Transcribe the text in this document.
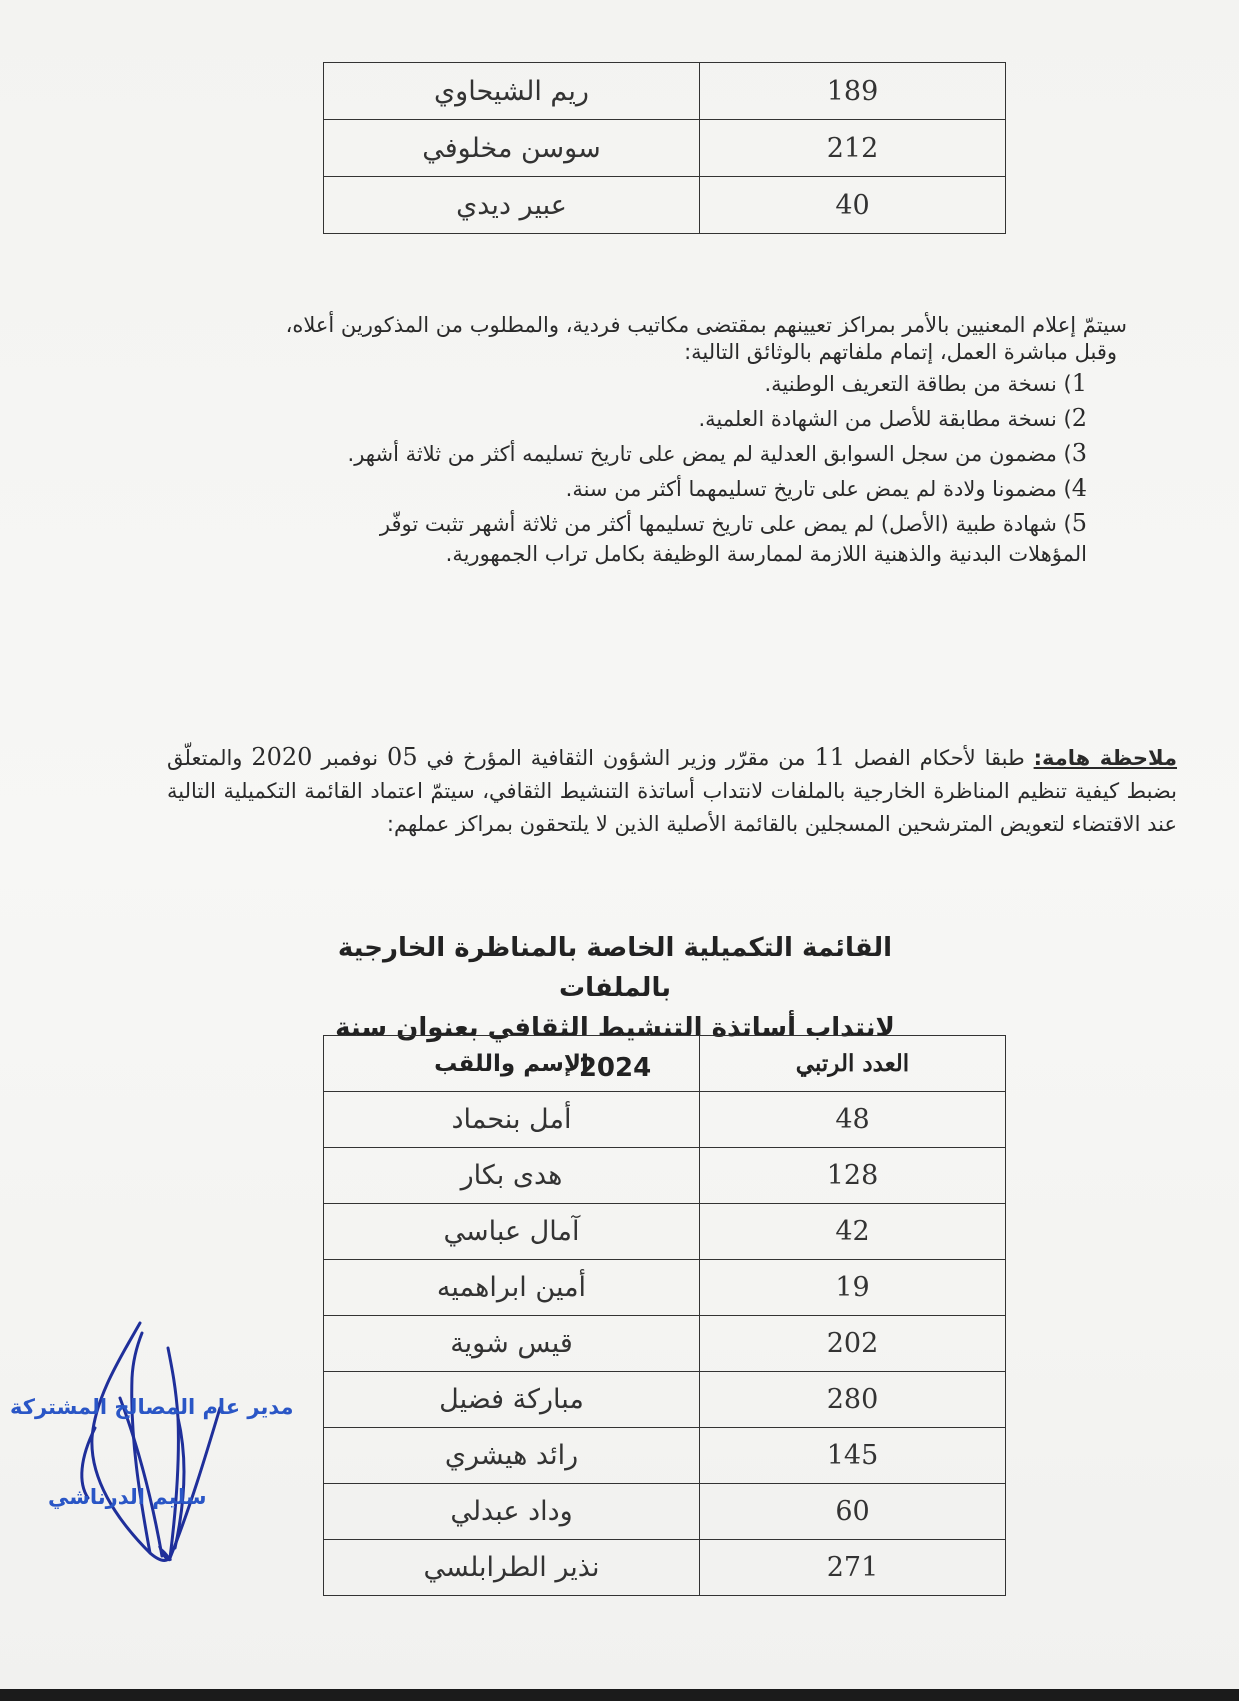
ريم الشيحاوي	189
سوسن مخلوفي	212
عبير ديدي	40
سيتمّ إعلام المعنيين بالأمر بمراكز تعيينهم بمقتضى مكاتيب فردية، والمطلوب من المذكورين أعلاه،
وقبل مباشرة العمل، إتمام ملفاتهم بالوثائق التالية:
1) نسخة من بطاقة التعريف الوطنية.
2) نسخة مطابقة للأصل من الشهادة العلمية.
3) مضمون من سجل السوابق العدلية لم يمض على تاريخ تسليمه أكثر من ثلاثة أشهر.
4) مضمونا ولادة لم يمض على تاريخ تسليمهما أكثر من سنة.
5) شهادة طبية (الأصل) لم يمض على تاريخ تسليمها أكثر من ثلاثة أشهر تثبت توفّر
المؤهلات البدنية والذهنية اللازمة لممارسة الوظيفة بكامل تراب الجمهورية.
ملاحظة هامة: طبقا لأحكام الفصل 11 من مقرّر وزير الشؤون الثقافية المؤرخ في 05 نوفمبر 2020 والمتعلّق بضبط كيفية تنظيم المناظرة الخارجية بالملفات لانتداب أساتذة التنشيط الثقافي، سيتمّ اعتماد القائمة التكميلية التالية عند الاقتضاء لتعويض المترشحين المسجلين بالقائمة الأصلية الذين لا يلتحقون بمراكز عملهم:
القائمة التكميلية الخاصة بالمناظرة الخارجية بالملفات
لانتداب أساتذة التنشيط الثقافي بعنوان سنة 2024
الإسم واللقب	العدد الرتبي
أمل بنحماد	48
هدى بكار	128
آمال عباسي	42
أمين ابراهميه	19
قيس شوية	202
مباركة فضيل	280
رائد هيشري	145
وداد عبدلي	60
نذير الطرابلسي	271
مدير عام المصالح المشتركة
سليم الدرناشي
